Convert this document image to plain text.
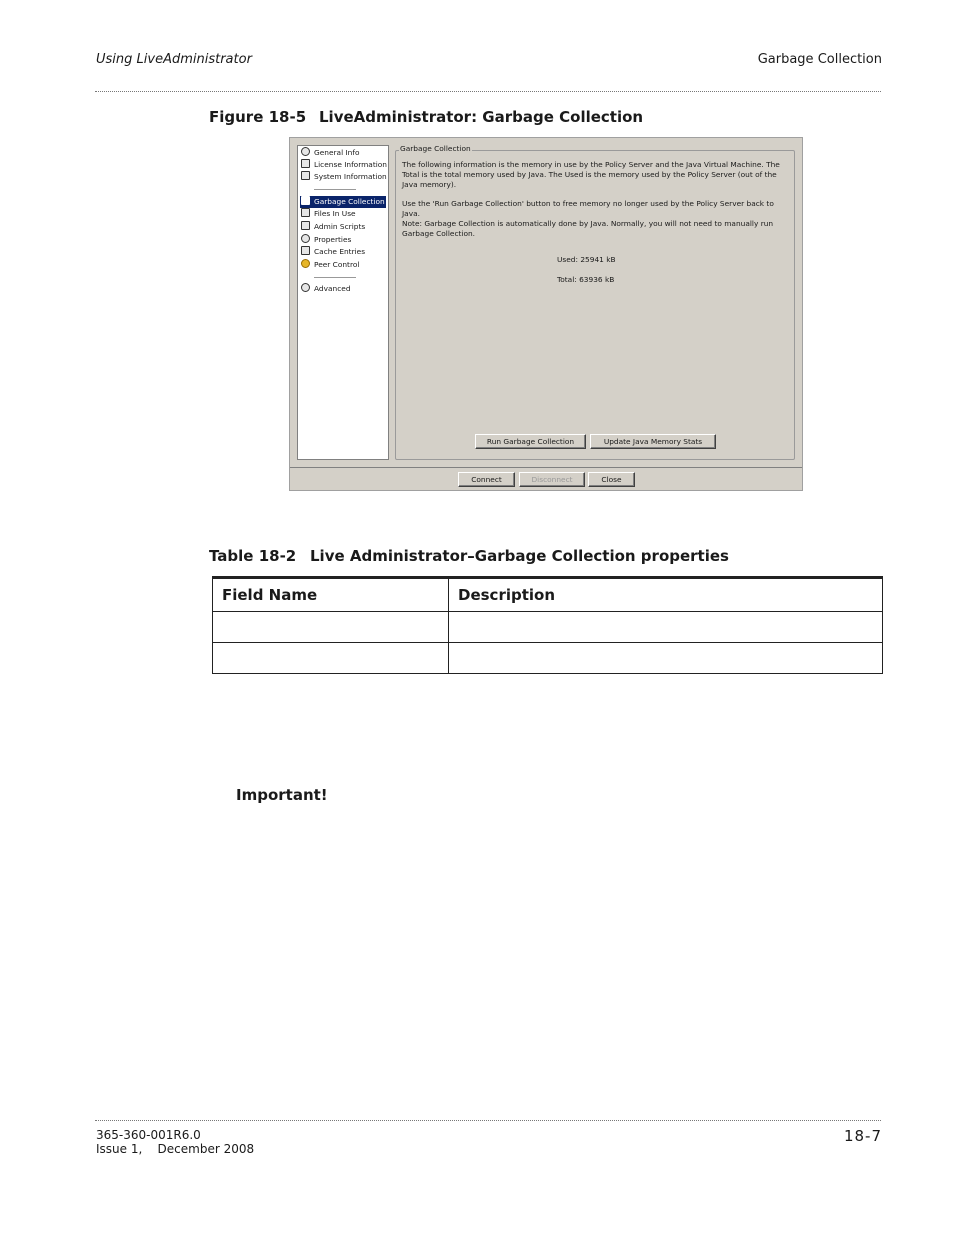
Using LiveAdministrator	Garbage Collection
Figure 18-5 LiveAdministrator: Garbage Collection
General Info
License Information
System Information
Garbage Collection
Files In Use
Admin Scripts
Properties
Cache Entries
Peer Control
Advanced
Garbage Collection
The following information is the memory in use by the Policy Server and the Java Virtual Machine. The Total is the total memory used by Java. The Used is the memory used by the Policy Server (out of the Java memory).
Use the 'Run Garbage Collection' button to free memory no longer used by the Policy Server back to Java.
Note: Garbage Collection is automatically done by Java. Normally, you will not need to manually run Garbage Collection.
Used: 25941 kB
Total: 63936 kB
Run Garbage Collection	Update Java Memory Stats
Connect	Disconnect	Close
Table 18-2 Live Administrator–Garbage Collection properties
Field Name	Description

Important!
365-360-001R6.0
Issue 1,    December 2008
18-7
